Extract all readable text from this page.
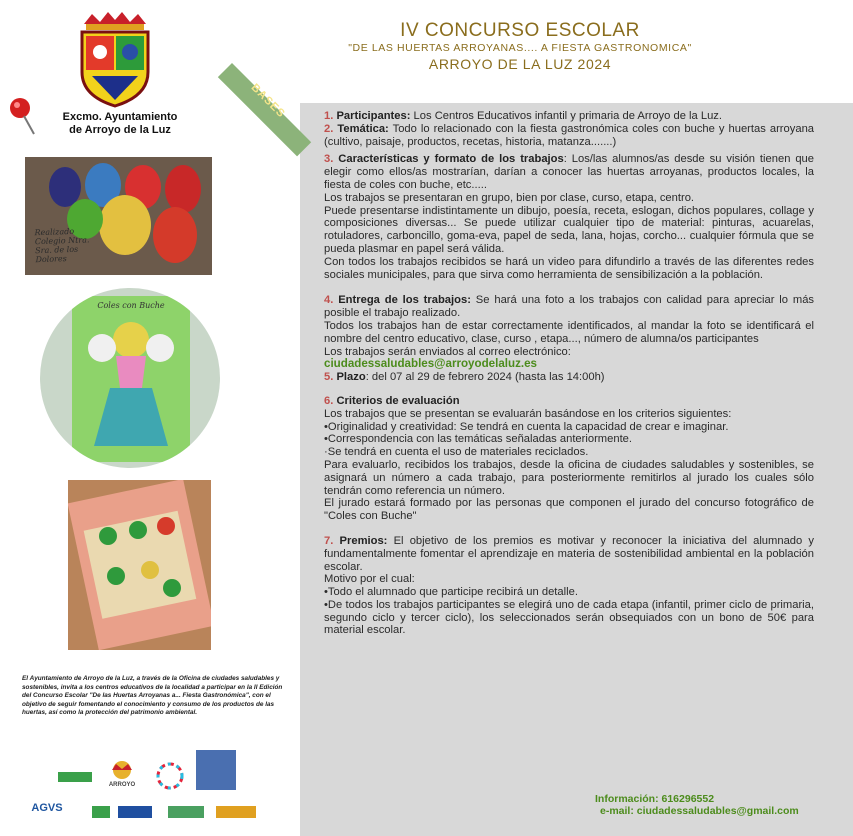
Excmo. Ayuntamiento
de Arroyo de la Luz
Realizado Colegio Ntra. Sra. de los Dolores
Coles con Buche
El Ayuntamiento de Arroyo de la Luz, a través de la Oficina de ciudades saludables y sostenibles, invita a los centros educativos de la localidad a participar en la II Edición del Concurso Escolar "De las Huertas Arroyanas a... Fiesta Gastronómica", con el objetivo de seguir fomentando el conocimiento y consumo de los productos de las huertas, así como la protección del patrimonio ambiental.
ARROYO
AGVS
IV CONCURSO ESCOLAR
"DE LAS HUERTAS ARROYANAS.... A FIESTA GASTRONOMICA"
ARROYO DE LA LUZ 2024
BASES	1. Participantes: Los Centros Educativos infantil y primaria de Arroyo de la Luz.

2. Temática: Todo lo relacionado con la fiesta gastronómica coles con buche y huertas arroyana (cultivo, paisaje, productos, recetas, historia, matanza.......)

3. Características y formato de los trabajos: Los/las alumnos/as desde su visión tienen que elegir como ellos/as mostrarían, darían a conocer las huertas arroyanas, productos locales, la fiesta de coles con buche, etc.....

Los trabajos se presentaran en grupo, bien por clase, curso, etapa, centro.

Puede presentarse indistintamente un dibujo, poesía, receta, eslogan, dichos populares, collage y composiciones diversas... Se puede utilizar cualquier tipo de material: pinturas, acuarelas, rotuladores, carboncillo, goma-eva, papel de seda, lana, hojas, corcho... cualquier fórmula que se pueda plasmar en papel será válida.

Con todos los trabajos recibidos se hará un video para difundirlo a través de las diferentes redes sociales municipales, para que sirva como herramienta de sensibilización a la población.

4. Entrega de los trabajos: Se hará una foto a los trabajos con calidad para apreciar lo más posible el trabajo realizado.

Todos los trabajos han de estar correctamente identificados, al mandar la foto se identificará el nombre del centro educativo, clase, curso , etapa..., número de alumna/os participantes

Los trabajos serán enviados al correo electrónico:

ciudadessaludables@arroyodelaluz.es

5. Plazo: del 07 al 29 de febrero 2024 (hasta las 14:00h)

6. Criterios de evaluación

Los trabajos que se presentan se evaluarán basándose en los criterios siguientes:

•Originalidad y creatividad: Se tendrá en cuenta la capacidad de crear e imaginar.

•Correspondencia con las temáticas señaladas anteriormente.

·Se tendrá en cuenta el uso de materiales reciclados.

Para evaluarlo, recibidos los trabajos, desde la oficina de ciudades saludables y sostenibles, se asignará un número a cada trabajo, para posteriormente remitirlos al jurado los cuales sólo tendrán como referencia un número.

El jurado estará formado por las personas que componen el jurado del concurso fotográfico de "Coles con Buche"

7. Premios: El objetivo de los premios es motivar y reconocer la iniciativa del alumnado y fundamentalmente fomentar el aprendizaje en materia de sostenibilidad ambiental en la población escolar.

Motivo por el cual:

•Todo el alumnado que participe recibirá un detalle.

•De todos los trabajos participantes se elegirá uno de cada etapa (infantil, primer ciclo de primaria, segundo ciclo y tercer ciclo), los seleccionados serán obsequiados con un bono de 50€ para material escolar.

Información: 616296552
e-mail: ciudadessaludables@gmail.com
